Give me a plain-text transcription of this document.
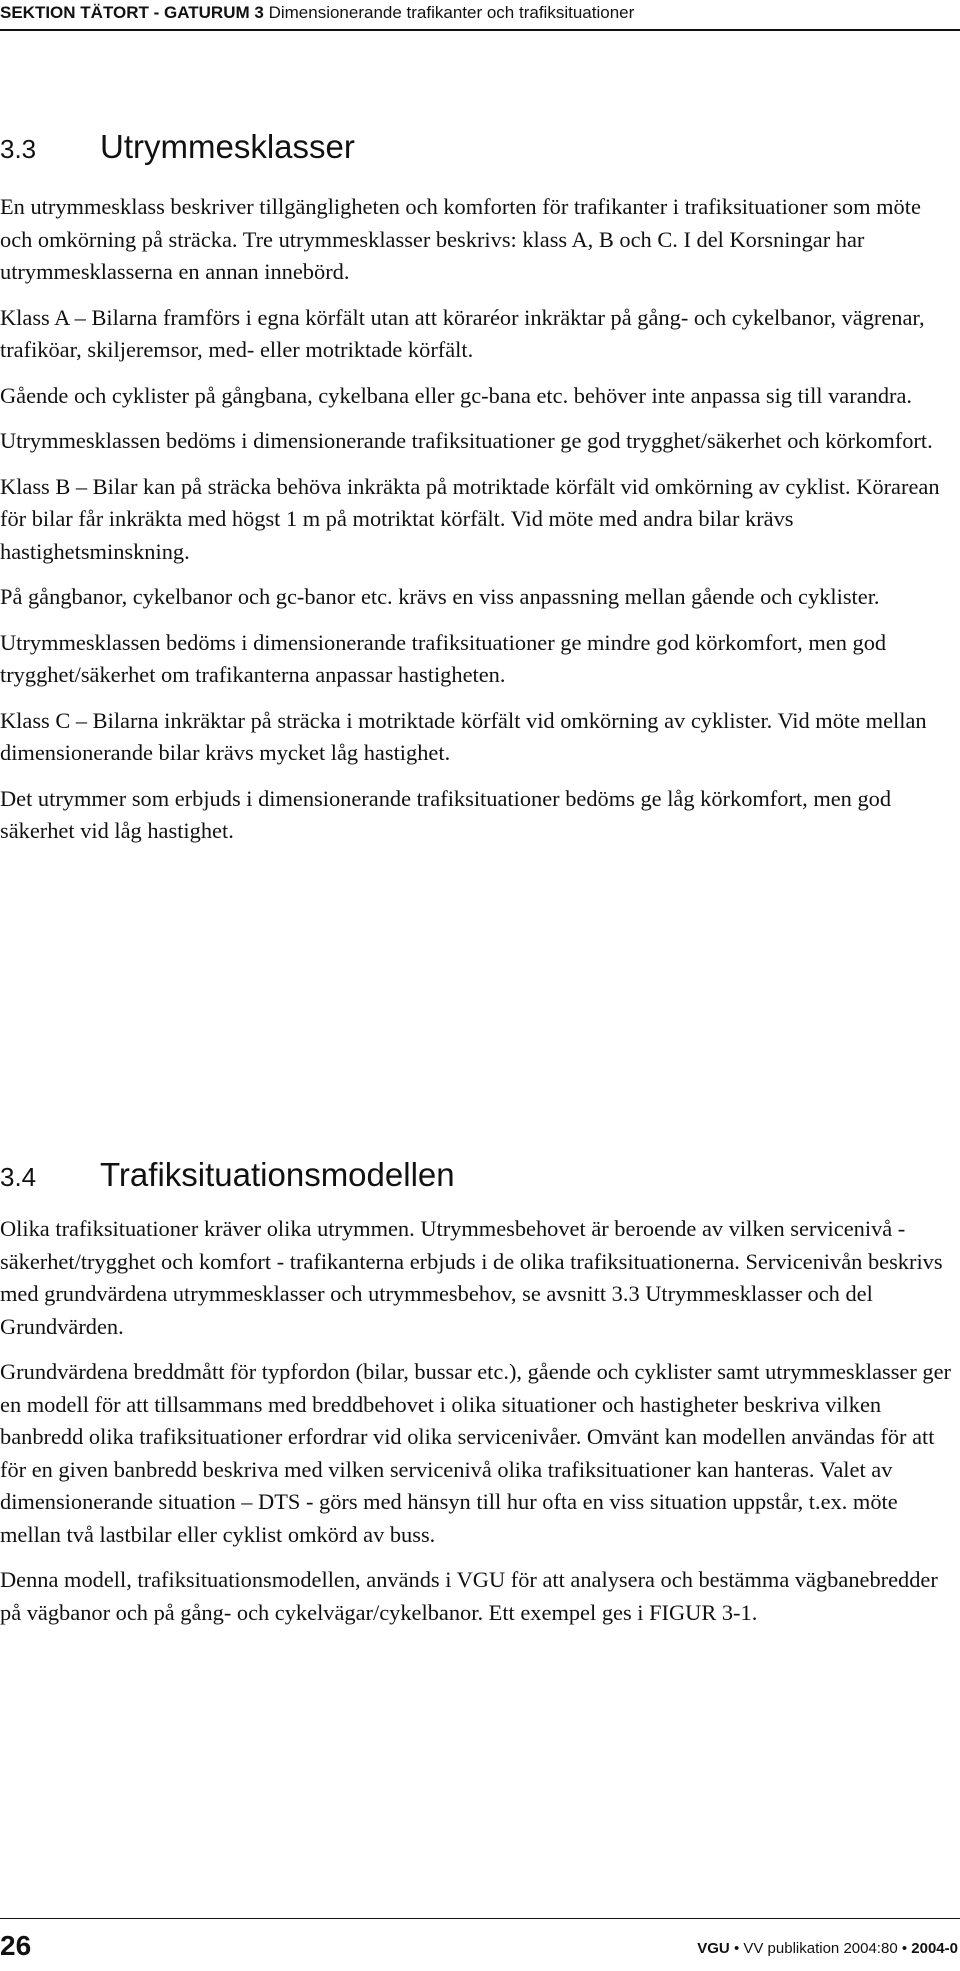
SEKTION TÄTORT - GATURUM 3 Dimensionerande trafikanter och trafiksituationer
3.3 Utrymmesklasser

En utrymmesklass beskriver tillgängligheten och komforten för trafikanter i trafiksituationer som möte och omkörning på sträcka. Tre utrymmesklasser beskrivs: klass A, B och C. I del Korsningar har utrymmesklasserna en annan innebörd.

Klass A – Bilarna framförs i egna körfält utan att köraréor inkräktar på gång- och cykelbanor, vägrenar, trafiköar, skiljeremsor, med- eller motriktade körfält.

Gående och cyklister på gångbana, cykelbana eller gc-bana etc. behöver inte anpassa sig till varandra.

Utrymmesklassen bedöms i dimensionerande trafiksituationer ge god trygghet/säkerhet och körkomfort.

Klass B – Bilar kan på sträcka behöva inkräkta på motriktade körfält vid omkörning av cyklist. Körarean för bilar får inkräkta med högst 1 m på motriktat körfält. Vid möte med andra bilar krävs hastighetsminskning.

På gångbanor, cykelbanor och gc-banor etc. krävs en viss anpassning mellan gående och cyklister.

Utrymmesklassen bedöms i dimensionerande trafiksituationer ge mindre god körkomfort, men god trygghet/säkerhet om trafikanterna anpassar hastigheten.

Klass C – Bilarna inkräktar på sträcka i motriktade körfält vid omkörning av cyklister. Vid möte mellan dimensionerande bilar krävs mycket låg hastighet.

Det utrymmer som erbjuds i dimensionerande trafiksituationer bedöms ge låg körkomfort, men god säkerhet vid låg hastighet.

3.4 Trafiksituationsmodellen

Olika trafiksituationer kräver olika utrymmen. Utrymmesbehovet är beroende av vilken servicenivå - säkerhet/trygghet och komfort - trafikanterna erbjuds i de olika trafiksituationerna. Servicenivån beskrivs med grundvärdena utrymmesklasser och utrymmesbehov, se avsnitt 3.3 Utrymmesklasser och del Grundvärden.

Grundvärdena breddmått för typfordon (bilar, bussar etc.), gående och cyklister samt utrymmesklasser ger en modell för att tillsammans med breddbehovet i olika situationer och hastigheter beskriva vilken banbredd olika trafiksituationer erfordrar vid olika servicenivåer. Omvänt kan modellen användas för att för en given banbredd beskriva med vilken servicenivå olika trafiksituationer kan hanteras. Valet av dimensionerande situation – DTS - görs med hänsyn till hur ofta en viss situation uppstår, t.ex. möte mellan två lastbilar eller cyklist omkörd av buss.

Denna modell, trafiksituationsmodellen, används i VGU för att analysera och bestämma vägbanebredder på vägbanor och på gång- och cykelvägar/cykelbanor. Ett exempel ges i FIGUR 3-1.

26	VGU • VV publikation 2004:80 • 2004-0
